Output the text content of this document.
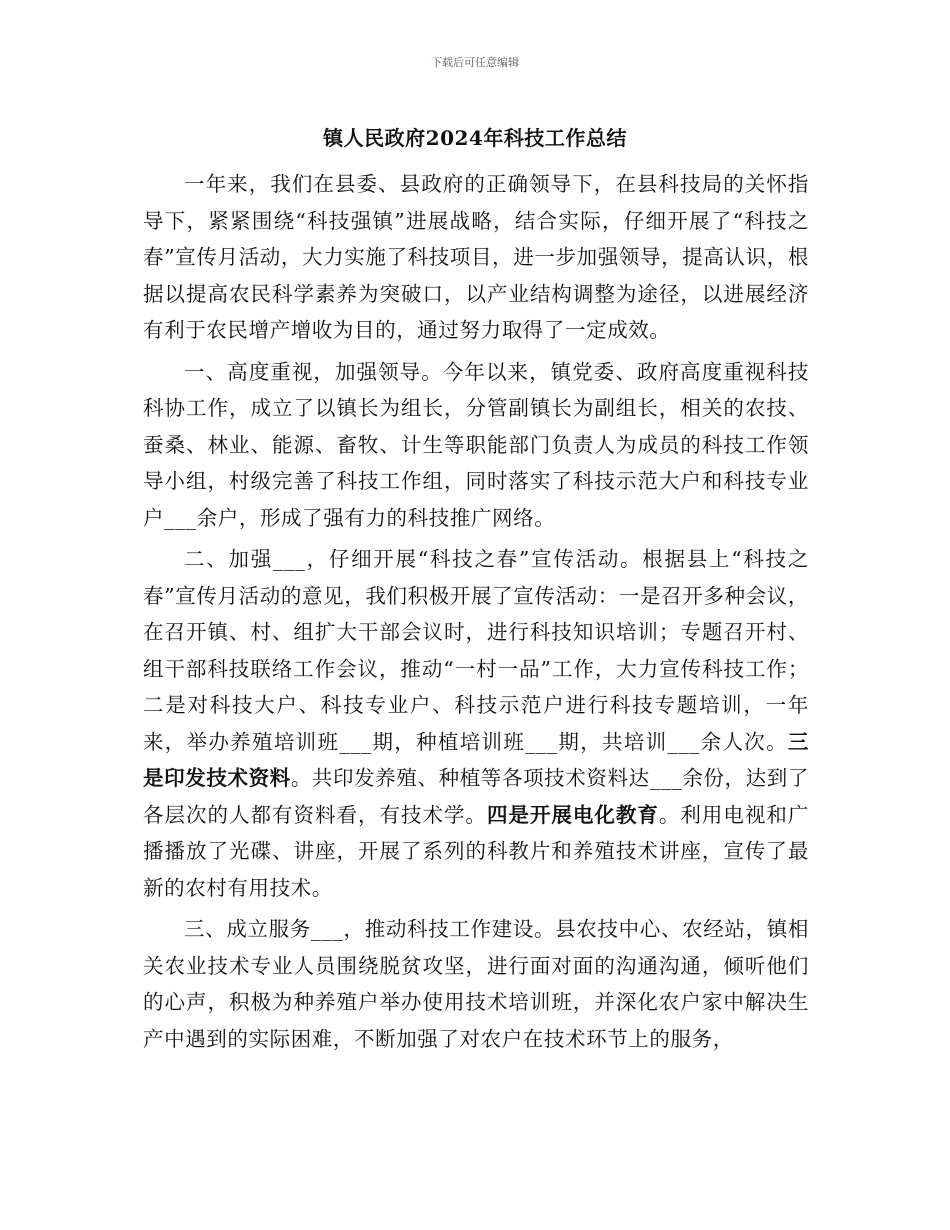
下载后可任意编辑
镇人民政府2024年科技工作总结

一年来，我们在县委、县政府的正确领导下，在县科技局的关怀指导下，紧紧围绕“科技强镇”进展战略，结合实际，仔细开展了“科技之春”宣传月活动，大力实施了科技项目，进一步加强领导，提高认识，根据以提高农民科学素养为突破口，以产业结构调整为途径，以进展经济有利于农民增产增收为目的，通过努力取得了一定成效。

一、高度重视，加强领导。今年以来，镇党委、政府高度重视科技科协工作，成立了以镇长为组长，分管副镇长为副组长，相关的农技、蚕桑、林业、能源、畜牧、计生等职能部门负责人为成员的科技工作领导小组，村级完善了科技工作组，同时落实了科技示范大户和科技专业户___余户，形成了强有力的科技推广网络。

二、加强___，仔细开展“科技之春”宣传活动。根据县上“科技之春”宣传月活动的意见，我们积极开展了宣传活动：一是召开多种会议，在召开镇、村、组扩大干部会议时，进行科技知识培训；专题召开村、组干部科技联络工作会议，推动“一村一品”工作，大力宣传科技工作；二是对科技大户、科技专业户、科技示范户进行科技专题培训，一年来，举办养殖培训班___期，种植培训班___期，共培训___余人次。三是印发技术资料。共印发养殖、种植等各项技术资料达___余份，达到了各层次的人都有资料看，有技术学。四是开展电化教育。利用电视和广播播放了光碟、讲座，开展了系列的科教片和养殖技术讲座，宣传了最新的农村有用技术。

三、成立服务___，推动科技工作建设。县农技中心、农经站，镇相关农业技术专业人员围绕脱贫攻坚，进行面对面的沟通沟通，倾听他们的心声，积极为种养殖户举办使用技术培训班，并深化农户家中解决生产中遇到的实际困难，不断加强了对农户在技术环节上的服务，
